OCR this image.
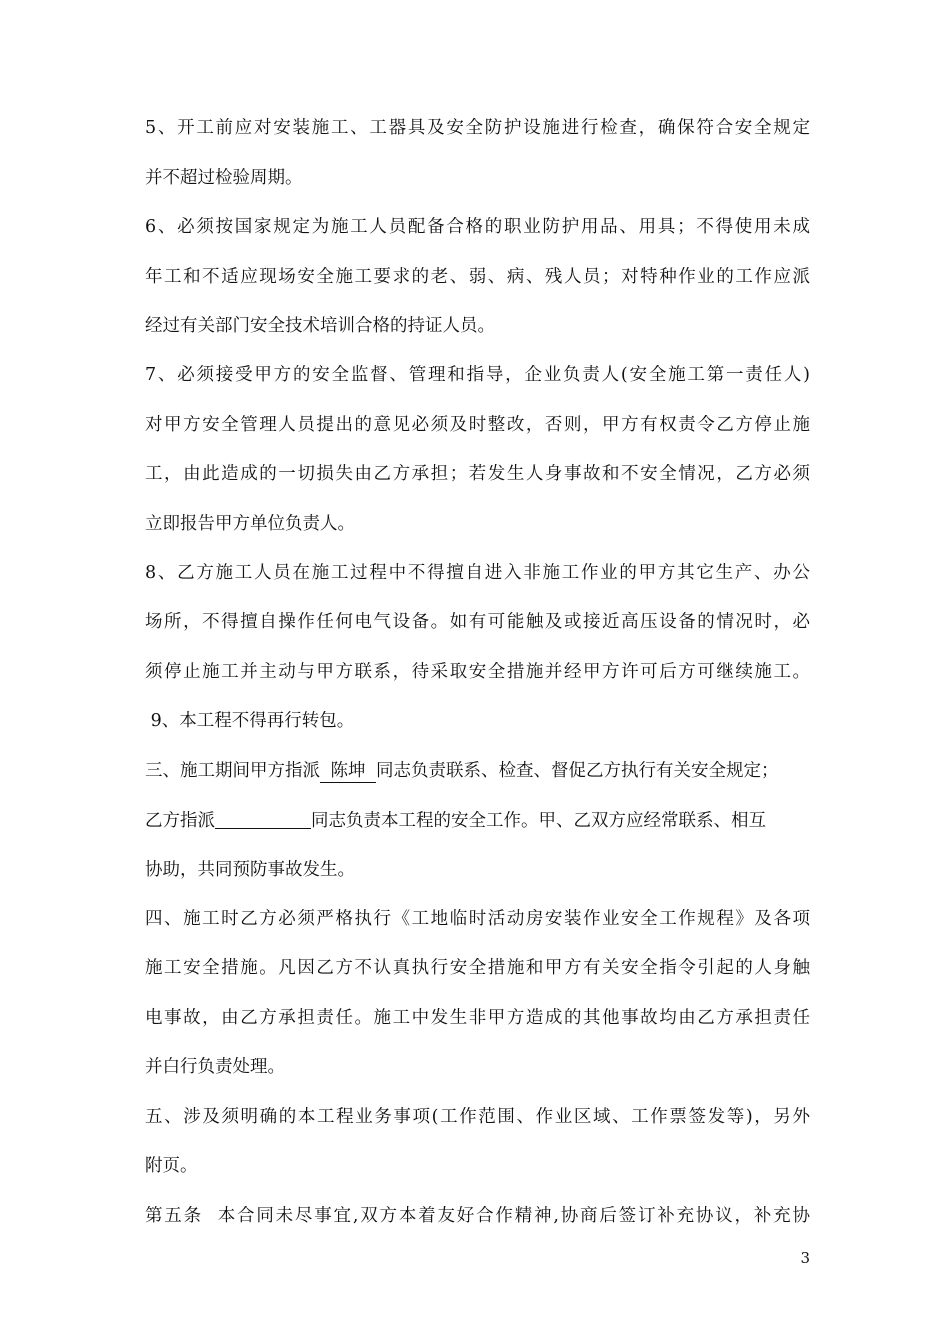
5、开工前应对安装施工、工器具及安全防护设施进行检查，确保符合安全规定
并不超过检验周期。
6、必须按国家规定为施工人员配备合格的职业防护用品、用具；不得使用未成
年工和不适应现场安全施工要求的老、弱、病、残人员；对特种作业的工作应派
经过有关部门安全技术培训合格的持证人员。
7、必须接受甲方的安全监督、管理和指导，企业负责人(安全施工第一责任人)
对甲方安全管理人员提出的意见必须及时整改，否则，甲方有权责令乙方停止施
工，由此造成的一切损失由乙方承担；若发生人身事故和不安全情况，乙方必须
立即报告甲方单位负责人。
8、乙方施工人员在施工过程中不得擅自进入非施工作业的甲方其它生产、办公
场所，不得擅自操作任何电气设备。如有可能触及或接近高压设备的情况时，必
须停止施工并主动与甲方联系，待采取安全措施并经甲方许可后方可继续施工。
9、本工程不得再行转包。
三、施工期间甲方指派 陈坤 同志负责联系、检查、督促乙方执行有关安全规定；
乙方指派	同志负责本工程的安全工作。甲、乙双方应经常联系、相互
协助，共同预防事故发生。
四、施工时乙方必须严格执行《工地临时活动房安装作业安全工作规程》及各项
施工安全措施。凡因乙方不认真执行安全措施和甲方有关安全指令引起的人身触
电事故，由乙方承担责任。施工中发生非甲方造成的其他事故均由乙方承担责任
并白行负责处理。
五、涉及须明确的本工程业务事项(工作范围、作业区域、工作票签发等)，另外
附页。
第五条  本合同未尽事宜,双方本着友好合作精神,协商后签订补充协议，补充协
3
